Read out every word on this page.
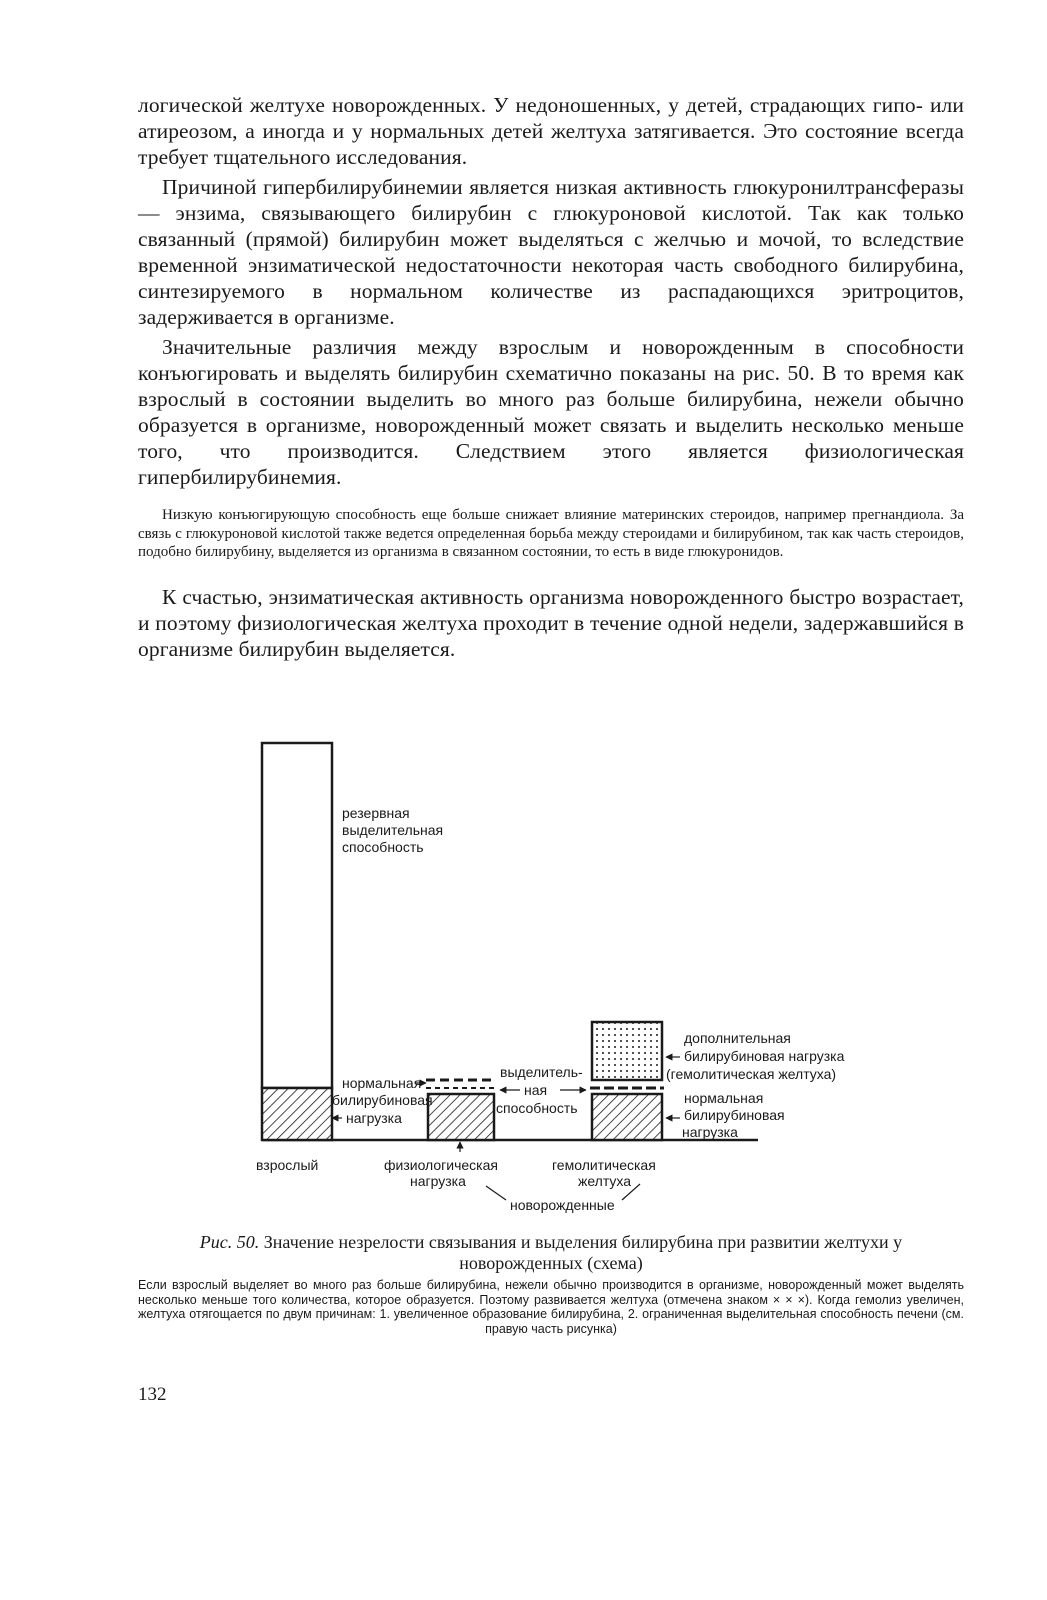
логической желтухе новорожденных. У недоношенных, у детей, страдающих гипо- или атиреозом, а иногда и у нормальных детей желтуха затягивается. Это состояние всегда требует тщательного исследования.

Причиной гипербилирубинемии является низкая активность глюкуронилтрансферазы — энзима, связывающего билирубин с глюкуроновой кислотой. Так как только связанный (прямой) билирубин может выделяться с желчью и мочой, то вследствие временной энзиматической недостаточности некоторая часть свободного билирубина, синтезируемого в нормальном количестве из распадающихся эритроцитов, задерживается в организме.

Значительные различия между взрослым и новорожденным в способности конъюгировать и выделять билирубин схематично показаны на рис. 50. В то время как взрослый в состоянии выделить во много раз больше билирубина, нежели обычно образуется в организме, новорожденный может связать и выделить несколько меньше того, что производится. Следствием этого является физиологическая гипербилирубинемия.

Низкую конъюгирующую способность еще больше снижает влияние материнских стероидов, например прегнандиола. За связь с глюкуроновой кислотой также ведется определенная борьба между стероидами и билирубином, так как часть стероидов, подобно билирубину, выделяется из организма в связанном состоянии, то есть в виде глюкуронидов.

К счастью, энзиматическая активность организма новорожденного быстро возрастает, и поэтому физиологическая желтуха проходит в течение одной недели, задержавшийся в организме билирубин выделяется.

резервная
выделительная
способность
нормальная
билирубиновая
нагрузка
выделитель-
ная
способность
дополнительная
билирубиновая нагрузка
(гемолитическая желтуха)
нормальная
билирубиновая
нагрузка
взрослый	физиологическая
нагрузка
гемолитическая
желтуха
новорожденные

Рис. 50. Значение незрелости связывания и выделения билирубина при развитии желтухи у новорожденных (схема)

Если взрослый выделяет во много раз больше билирубина, нежели обычно производится в организме, новорожденный может выделять несколько меньше того количества, которое образуется. Поэтому развивается желтуха (отмечена знаком × × ×). Когда гемолиз увеличен, желтуха отягощается по двум причинам: 1. увеличенное образование билирубина, 2. ограниченная выделительная способность печени (см. правую часть рисунка)

132
